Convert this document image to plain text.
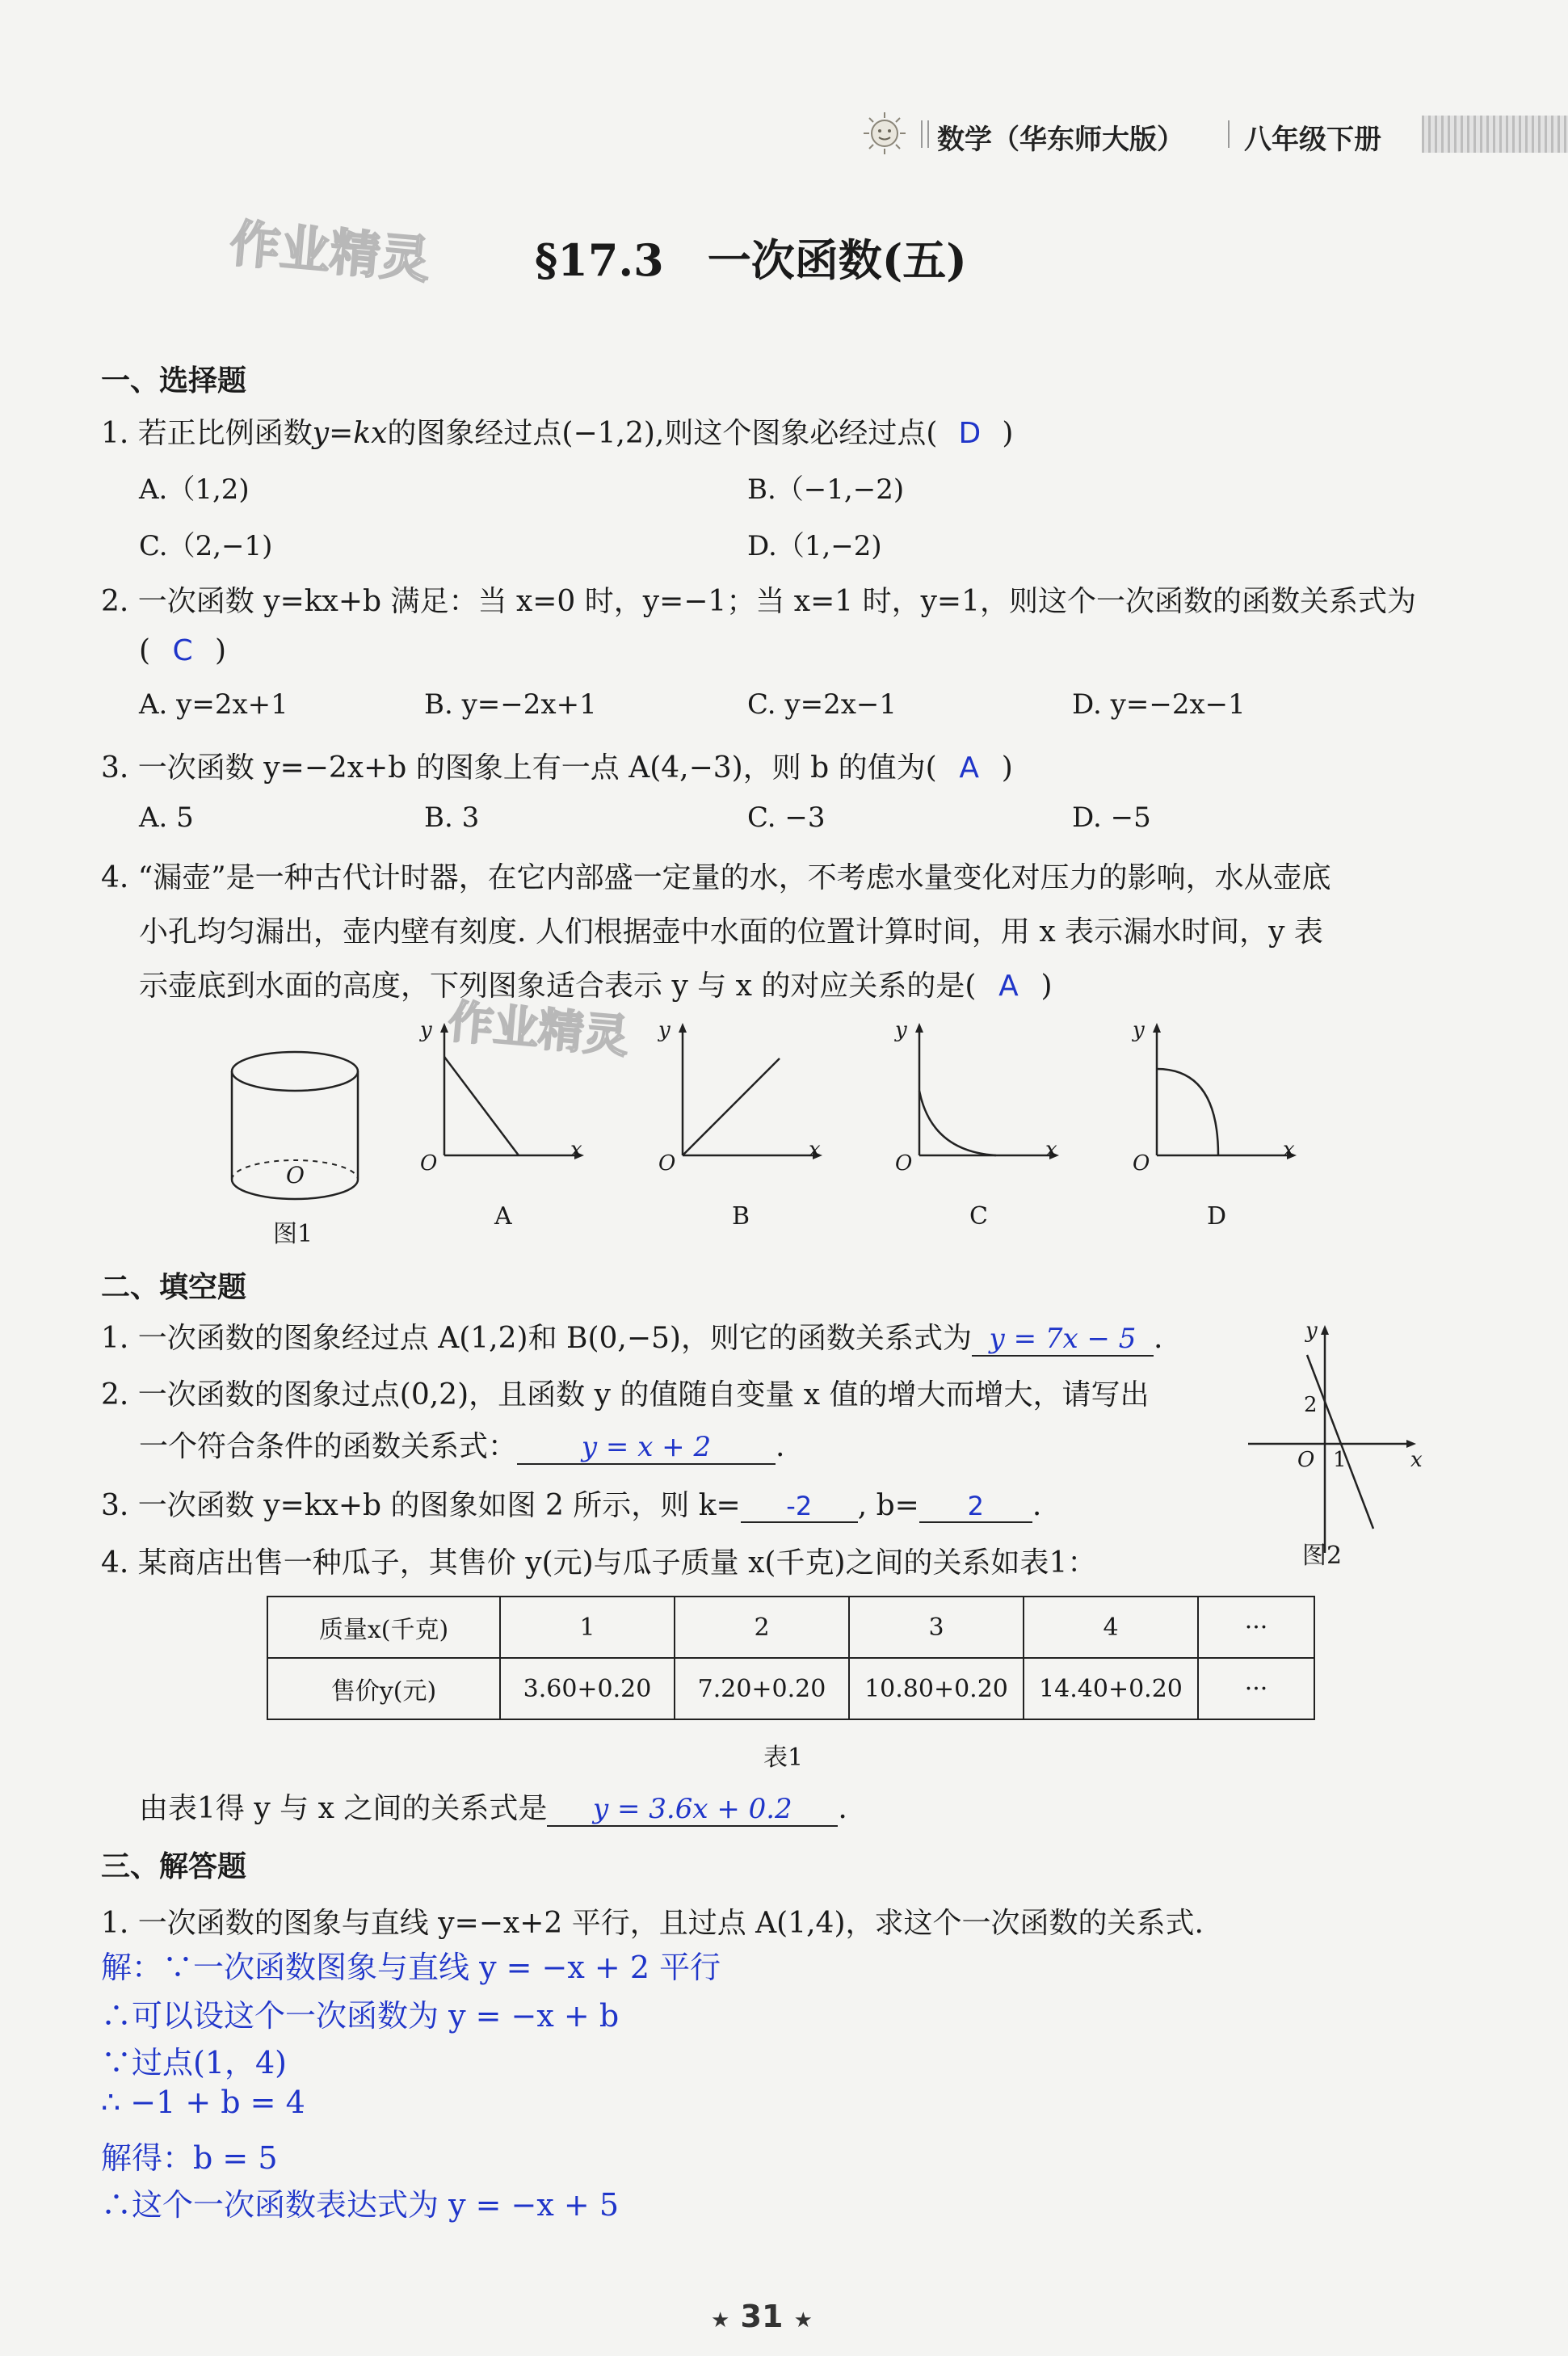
数学（华东师大版） 八年级下册
作业精灵 §17.3　一次函数(五)
一、选择题
1. 若正比例函数y=kx的图象经过点(−1,2),则这个图象必经过点( D )
A.（1,2)	B.（−1,−2)
C.（2,−1)	D.（1,−2)
2. 一次函数 y=kx+b 满足：当 x=0 时，y=−1；当 x=1 时，y=1，则这个一次函数的函数关系式为
( C )
A. y=2x+1	B. y=−2x+1	C. y=2x−1	D. y=−2x−1
3. 一次函数 y=−2x+b 的图象上有一点 A(4,−3)，则 b 的值为( A )
A. 5	B. 3	C. −3	D. −5
4. “漏壶”是一种古代计时器，在它内部盛一定量的水，不考虑水量变化对压力的影响，水从壶底
小孔均匀漏出，壶内壁有刻度. 人们根据壶中水面的位置计算时间，用 x 表示漏水时间，y 表
示壶底到水面的高度，下列图象适合表示 y 与 x 的对应关系的是( A )
作业精灵
O
图1
y
x
O
A
y
x
O
B
y
x
O
C
y
x
O
D
二、填空题
1. 一次函数的图象经过点 A(1,2)和 B(0,−5)，则它的函数关系式为 y = 7x − 5 .
2. 一次函数的图象过点(0,2)，且函数 y 的值随自变量 x 值的增大而增大，请写出
一个符合条件的函数关系式： y = x + 2 .
3. 一次函数 y=kx+b 的图象如图 2 所示，则 k= -2 , b= 2 .
y
x
O
2
1
图2
4. 某商店出售一种瓜子，其售价 y(元)与瓜子质量 x(千克)之间的关系如表1：
质量x(千克)	1	2	3	4	···
售价y(元)	3.60+0.20	7.20+0.20	10.80+0.20	14.40+0.20	···
表1
由表1得 y 与 x 之间的关系式是 y = 3.6x + 0.2 .
三、解答题
1. 一次函数的图象与直线 y=−x+2 平行，且过点 A(1,4)，求这个一次函数的关系式.
解：∵一次函数图象与直线 y = −x + 2 平行
∴可以设这个一次函数为 y = −x + b
∵过点(1，4)
∴ −1 + b = 4
解得：b = 5
∴这个一次函数表达式为 y = −x + 5
★ 31 ★
